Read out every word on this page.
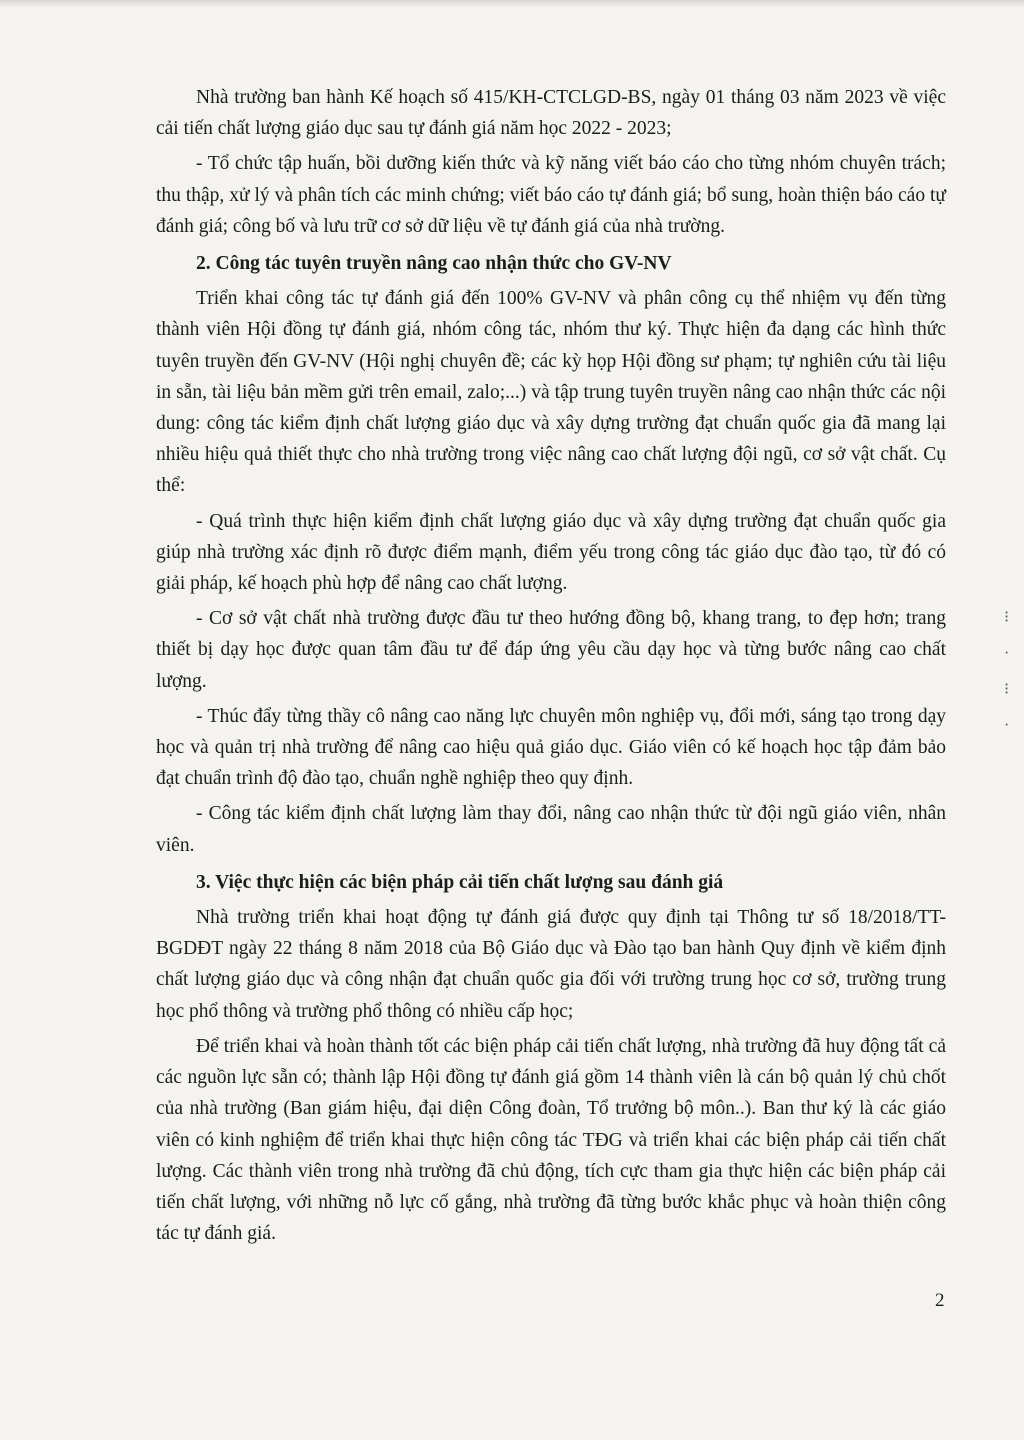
Nhà trường ban hành Kế hoạch số 415/KH-CTCLGD-BS, ngày 01 tháng 03 năm 2023 về việc cải tiến chất lượng giáo dục sau tự đánh giá năm học 2022 - 2023;

- Tổ chức tập huấn, bồi dưỡng kiến thức và kỹ năng viết báo cáo cho từng nhóm chuyên trách; thu thập, xử lý và phân tích các minh chứng; viết báo cáo tự đánh giá; bổ sung, hoàn thiện báo cáo tự đánh giá; công bố và lưu trữ cơ sở dữ liệu về tự đánh giá của nhà trường.

2. Công tác tuyên truyền nâng cao nhận thức cho GV-NV

Triển khai công tác tự đánh giá đến 100% GV-NV và phân công cụ thể nhiệm vụ đến từng thành viên Hội đồng tự đánh giá, nhóm công tác, nhóm thư ký. Thực hiện đa dạng các hình thức tuyên truyền đến GV-NV (Hội nghị chuyên đề; các kỳ họp Hội đồng sư phạm; tự nghiên cứu tài liệu in sẵn, tài liệu bản mềm gửi trên email, zalo;...) và tập trung tuyên truyền nâng cao nhận thức các nội dung: công tác kiểm định chất lượng giáo dục và xây dựng trường đạt chuẩn quốc gia đã mang lại nhiều hiệu quả thiết thực cho nhà trường trong việc nâng cao chất lượng đội ngũ, cơ sở vật chất. Cụ thể:

- Quá trình thực hiện kiểm định chất lượng giáo dục và xây dựng trường đạt chuẩn quốc gia giúp nhà trường xác định rõ được điểm mạnh, điểm yếu trong công tác giáo dục đào tạo, từ đó có giải pháp, kế hoạch phù hợp để nâng cao chất lượng.

- Cơ sở vật chất nhà trường được đầu tư theo hướng đồng bộ, khang trang, to đẹp hơn; trang thiết bị dạy học được quan tâm đầu tư để đáp ứng yêu cầu dạy học và từng bước nâng cao chất lượng.

- Thúc đẩy từng thầy cô nâng cao năng lực chuyên môn nghiệp vụ, đổi mới, sáng tạo trong dạy học và quản trị nhà trường để nâng cao hiệu quả giáo dục. Giáo viên có kế hoạch học tập đảm bảo đạt chuẩn trình độ đào tạo, chuẩn nghề nghiệp theo quy định.

- Công tác kiểm định chất lượng làm thay đổi, nâng cao nhận thức từ đội ngũ giáo viên, nhân viên.

3. Việc thực hiện các biện pháp cải tiến chất lượng sau đánh giá

Nhà trường triển khai hoạt động tự đánh giá được quy định tại Thông tư số 18/2018/TT-BGDĐT ngày 22 tháng 8 năm 2018 của Bộ Giáo dục và Đào tạo ban hành Quy định về kiểm định chất lượng giáo dục và công nhận đạt chuẩn quốc gia đối với trường trung học cơ sở, trường trung học phổ thông và trường phổ thông có nhiều cấp học;

Để triển khai và hoàn thành tốt các biện pháp cải tiến chất lượng, nhà trường đã huy động tất cả các nguồn lực sẵn có; thành lập Hội đồng tự đánh giá gồm 14 thành viên là cán bộ quản lý chủ chốt của nhà trường (Ban giám hiệu, đại diện Công đoàn, Tổ trưởng bộ môn..). Ban thư ký là các giáo viên có kinh nghiệm để triển khai thực hiện công tác TĐG và triển khai các biện pháp cải tiến chất lượng. Các thành viên trong nhà trường đã chủ động, tích cực tham gia thực hiện các biện pháp cải tiến chất lượng, với những nỗ lực cố gắng, nhà trường đã từng bước khắc phục và hoàn thiện công tác tự đánh giá.

2
⁝
·
⁝
·
